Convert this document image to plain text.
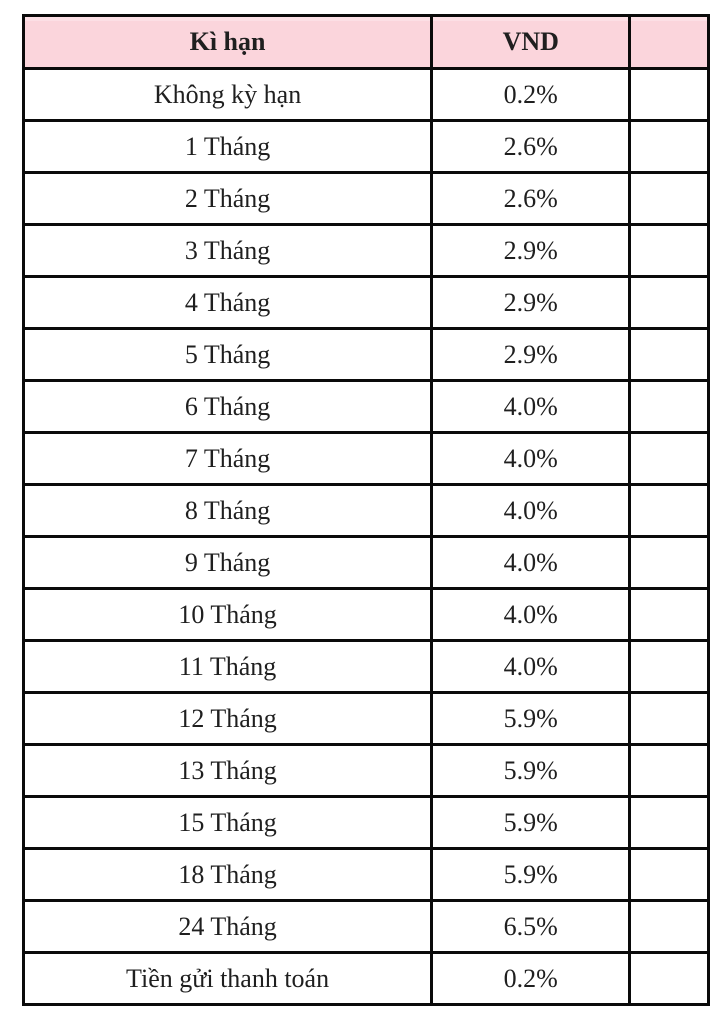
Kì hạn	VND	
Không kỳ hạn	0.2%	
1 Tháng	2.6%	
2 Tháng	2.6%	
3 Tháng	2.9%	
4 Tháng	2.9%	
5 Tháng	2.9%	
6 Tháng	4.0%	
7 Tháng	4.0%	
8 Tháng	4.0%	
9 Tháng	4.0%	
10 Tháng	4.0%	
11 Tháng	4.0%	
12 Tháng	5.9%	
13 Tháng	5.9%	
15 Tháng	5.9%	
18 Tháng	5.9%	
24 Tháng	6.5%	
Tiền gửi thanh toán	0.2%	
